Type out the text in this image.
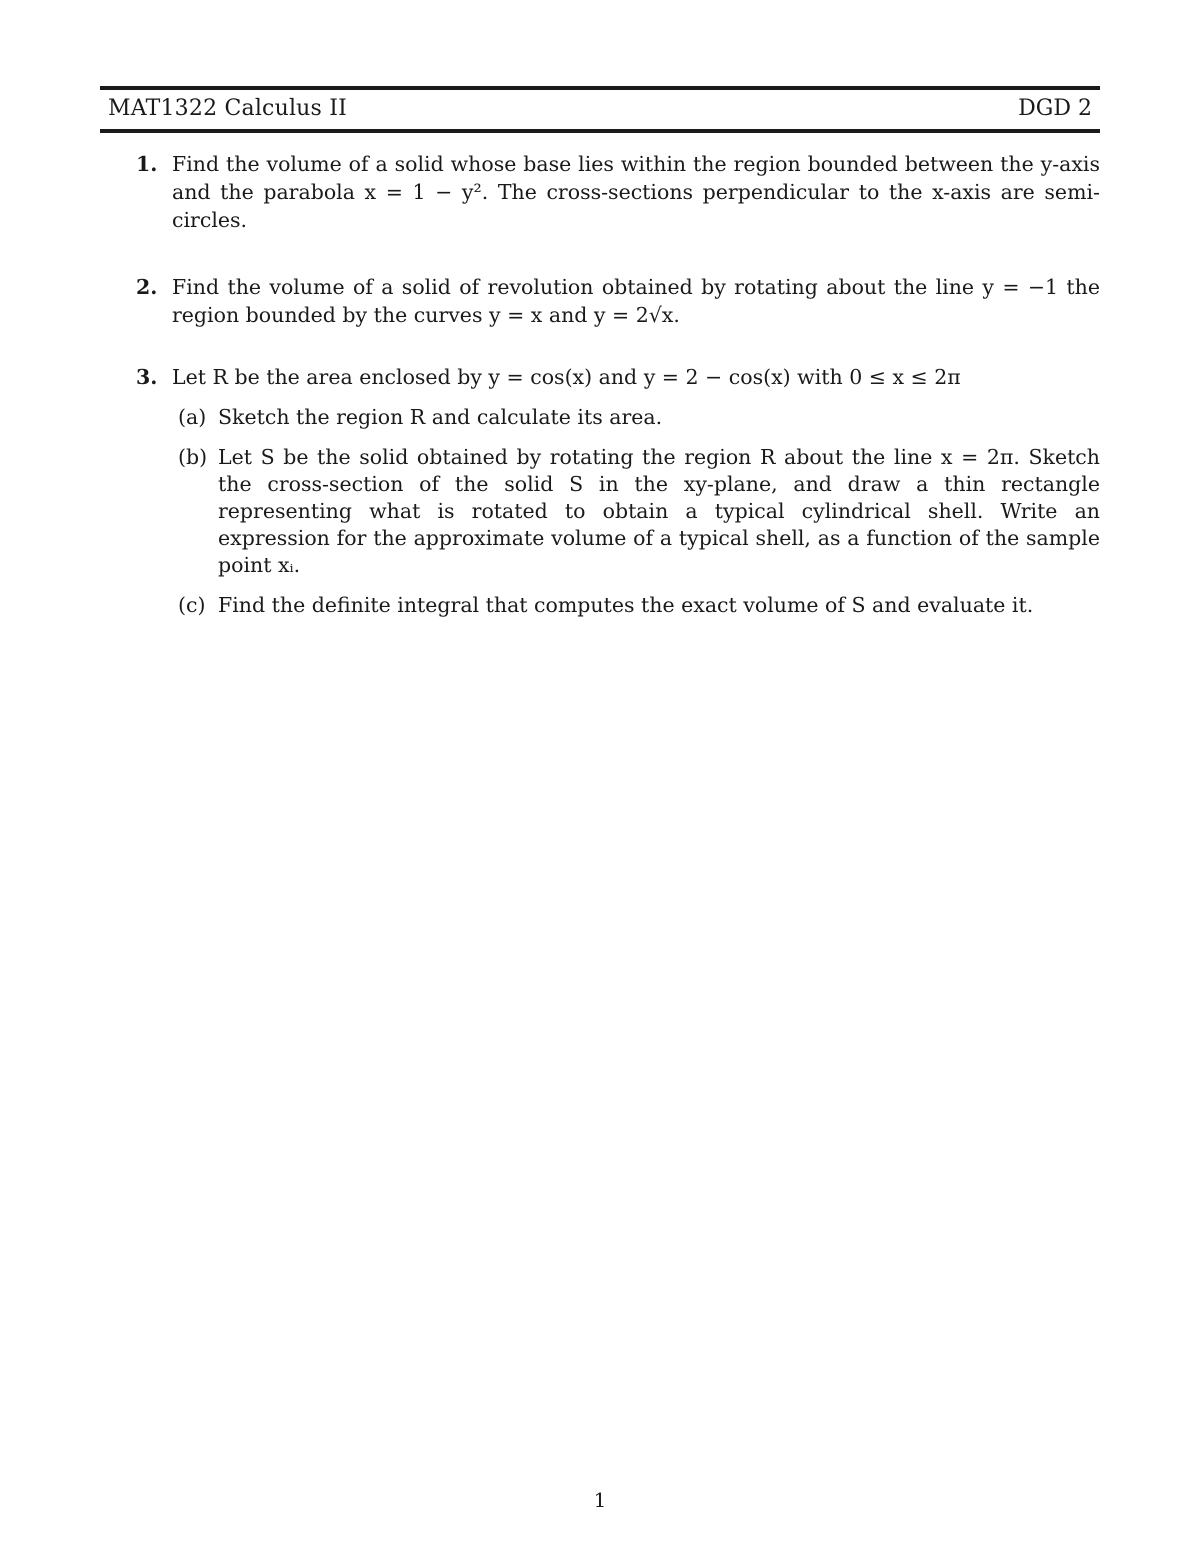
MAT1322 Calculus II	DGD 2
1. Find the volume of a solid whose base lies within the region bounded between the y-axis and the parabola x = 1 − y². The cross-sections perpendicular to the x-axis are semi-circles.
2. Find the volume of a solid of revolution obtained by rotating about the line y = −1 the region bounded by the curves y = x and y = 2√x.
3. Let R be the area enclosed by y = cos(x) and y = 2 − cos(x) with 0 ≤ x ≤ 2π
(a) Sketch the region R and calculate its area.
(b) Let S be the solid obtained by rotating the region R about the line x = 2π. Sketch the cross-section of the solid S in the xy-plane, and draw a thin rectangle representing what is rotated to obtain a typical cylindrical shell. Write an expression for the approximate volume of a typical shell, as a function of the sample point xᵢ.
(c) Find the definite integral that computes the exact volume of S and evaluate it.
1
